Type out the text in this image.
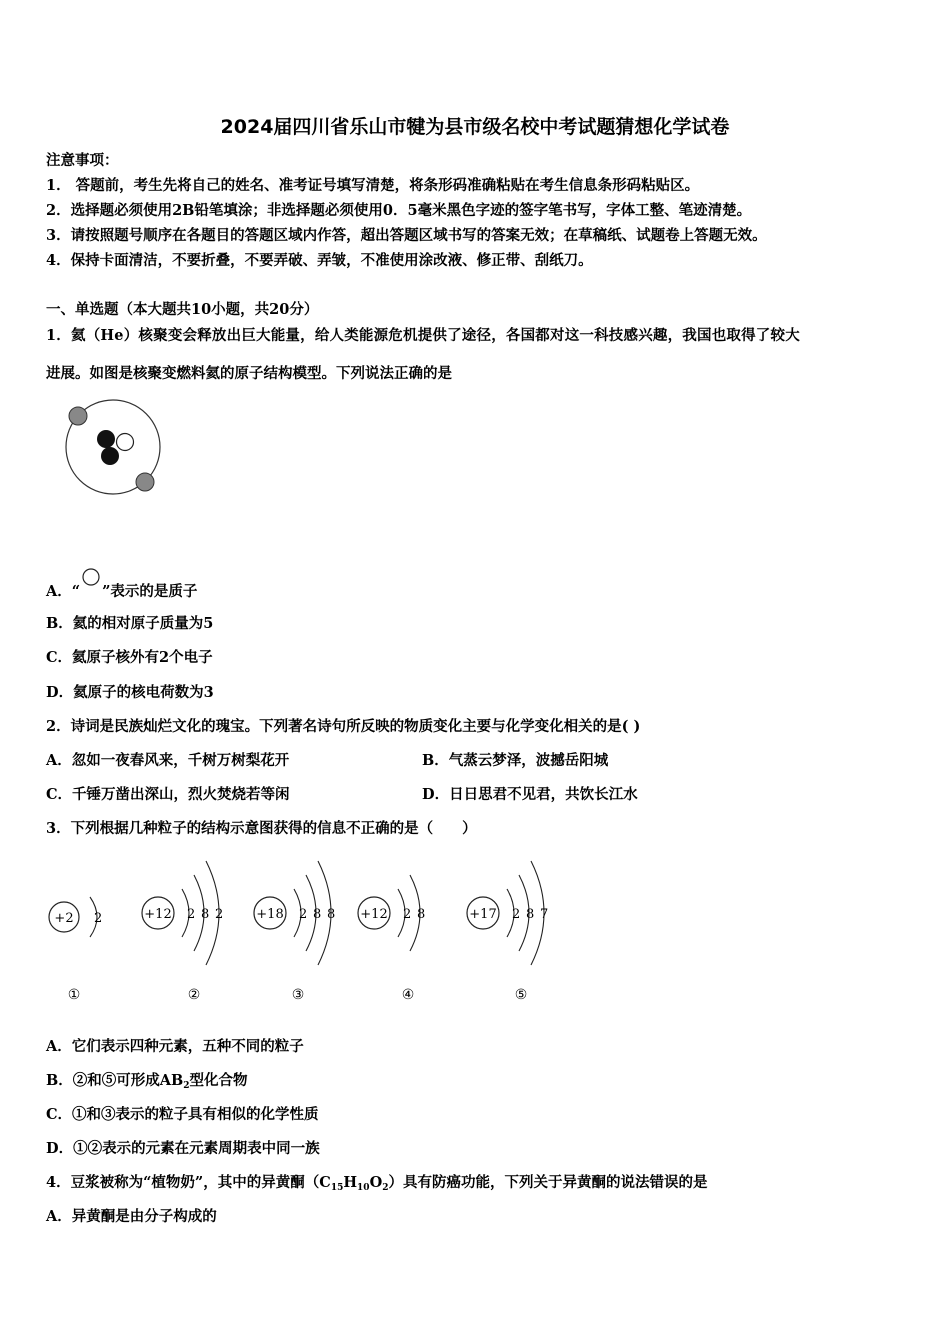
2024届四川省乐山市犍为县市级名校中考试题猜想化学试卷
注意事项：
1． 答题前，考生先将自己的姓名、准考证号填写清楚，将条形码准确粘贴在考生信息条形码粘贴区。
2．选择题必须使用2B铅笔填涂；非选择题必须使用0．5毫米黑色字迹的签字笔书写，字体工整、笔迹清楚。
3．请按照题号顺序在各题目的答题区域内作答，超出答题区域书写的答案无效；在草稿纸、试题卷上答题无效。
4．保持卡面清洁，不要折叠，不要弄破、弄皱，不准使用涂改液、修正带、刮纸刀。
一、单选题（本大题共10小题，共20分）
1．氦（He）核聚变会释放出巨大能量，给人类能源危机提供了途径，各国都对这一科技感兴趣，我国也取得了较大
进展。如图是核聚变燃料氦的原子结构模型。下列说法正确的是
A．“ ”表示的是质子
B．氦的相对原子质量为5
C．氦原子核外有2个电子
D．氦原子的核电荷数为3
2．诗词是民族灿烂文化的瑰宝。下列著名诗句所反映的物质变化主要与化学变化相关的是( )
A．忽如一夜春风来，千树万树梨花开	B．气蒸云梦泽，波撼岳阳城
C．千锤万凿出深山，烈火焚烧若等闲	D．日日思君不见君，共饮长江水
3．下列根据几种粒子的结构示意图获得的信息不正确的是（　　）
+2 2
①
+12 2 8 2
②
+18 2 8 8
③
+12 2 8
④
+17 2 8 7
⑤
A．它们表示四种元素，五种不同的粒子
B．②和⑤可形成$AB_2$型化合物
C．①和③表示的粒子具有相似的化学性质
D．①②表示的元素在元素周期表中同一族
4．豆浆被称为“植物奶”，其中的异黄酮$(C_{15}H_{10}O_2)$具有防癌功能，下列关于异黄酮的说法错误的是
A．异黄酮是由分子构成的
